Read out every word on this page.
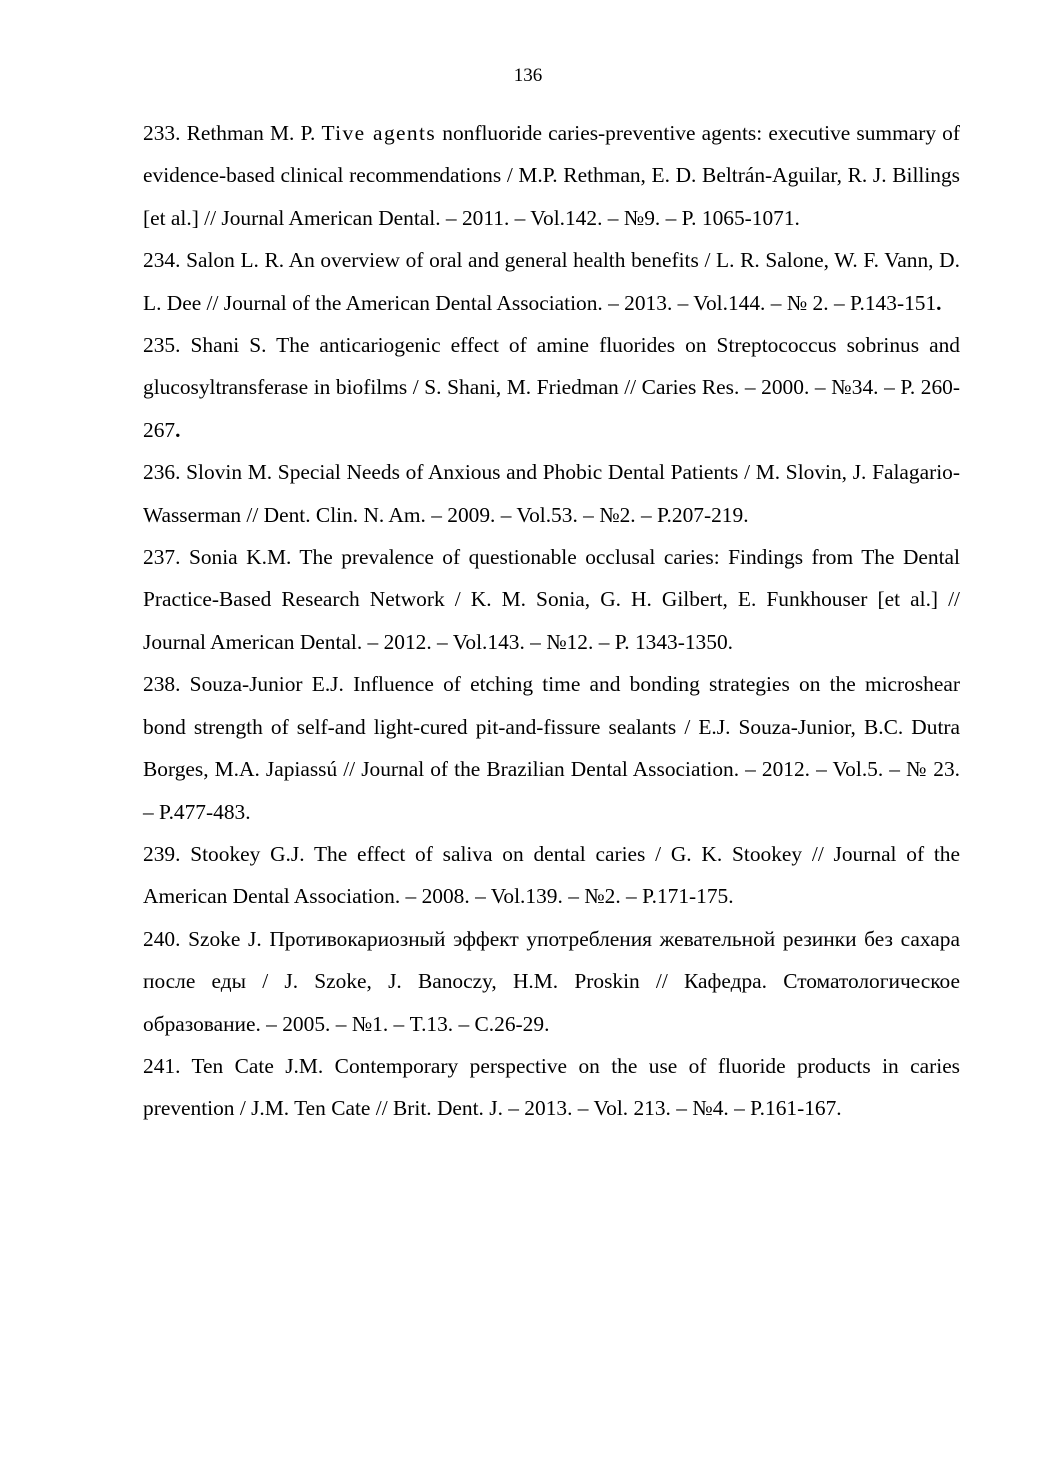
136

233. Rethman M. P. Tive agents nonfluoride caries-preventive agents: executive summary of evidence-based clinical recommendations / M.P. Rethman, E. D. Beltrán-Aguilar, R. J. Billings [et al.] // Journal American Dental. – 2011. – Vol.142. – №9. – P. 1065-1071.

234. Salon L. R. An overview of oral and general health benefits / L. R. Salone, W. F. Vann, D. L. Dee // Journal of the American Dental Association. – 2013. – Vol.144. – № 2. – P.143-151.

235. Shani S. The anticariogenic effect of amine fluorides on Streptococcus sobrinus and glucosyltransferase in biofilms / S. Shani, M. Friedman // Caries Res. – 2000. – №34. – P. 260-267.

236. Slovin M. Special Needs of Anxious and Phobic Dental Patients / M. Slovin, J. Falagario-Wasserman // Dent. Clin. N. Am. – 2009. – Vol.53. – №2. – P.207-219.

237. Sonia K.M. The prevalence of questionable occlusal caries: Findings from The Dental Practice-Based Research Network / K. M. Sonia, G. H. Gilbert, E. Funkhouser [et al.] // Journal American Dental. – 2012. – Vol.143. – №12. – P. 1343-1350.

238. Souza-Junior E.J. Influence of etching time and bonding strategies on the microshear bond strength of self-and light-cured pit-and-fissure sealants / E.J. Souza-Junior, B.C. Dutra Borges, M.A. Japiassú // Journal of the Brazilian Dental Association. – 2012. – Vol.5. – № 23. – P.477-483.

239. Stookey G.J. The effect of saliva on dental caries / G. K. Stookey // Journal of the American Dental Association. – 2008. – Vol.139. – №2. – P.171-175.

240. Szoke J. Противокариозный эффект употребления жевательной резинки без сахара после еды / J. Szoke, J. Banoczy, H.M. Proskin // Кафедра. Стоматологическое образование. – 2005. – №1. – T.13. – C.26-29.

241. Ten Cate J.M. Contemporary perspective on the use of fluoride products in caries prevention / J.M. Ten Cate // Brit. Dent. J. – 2013. – Vol. 213. – №4. – P.161-167.
